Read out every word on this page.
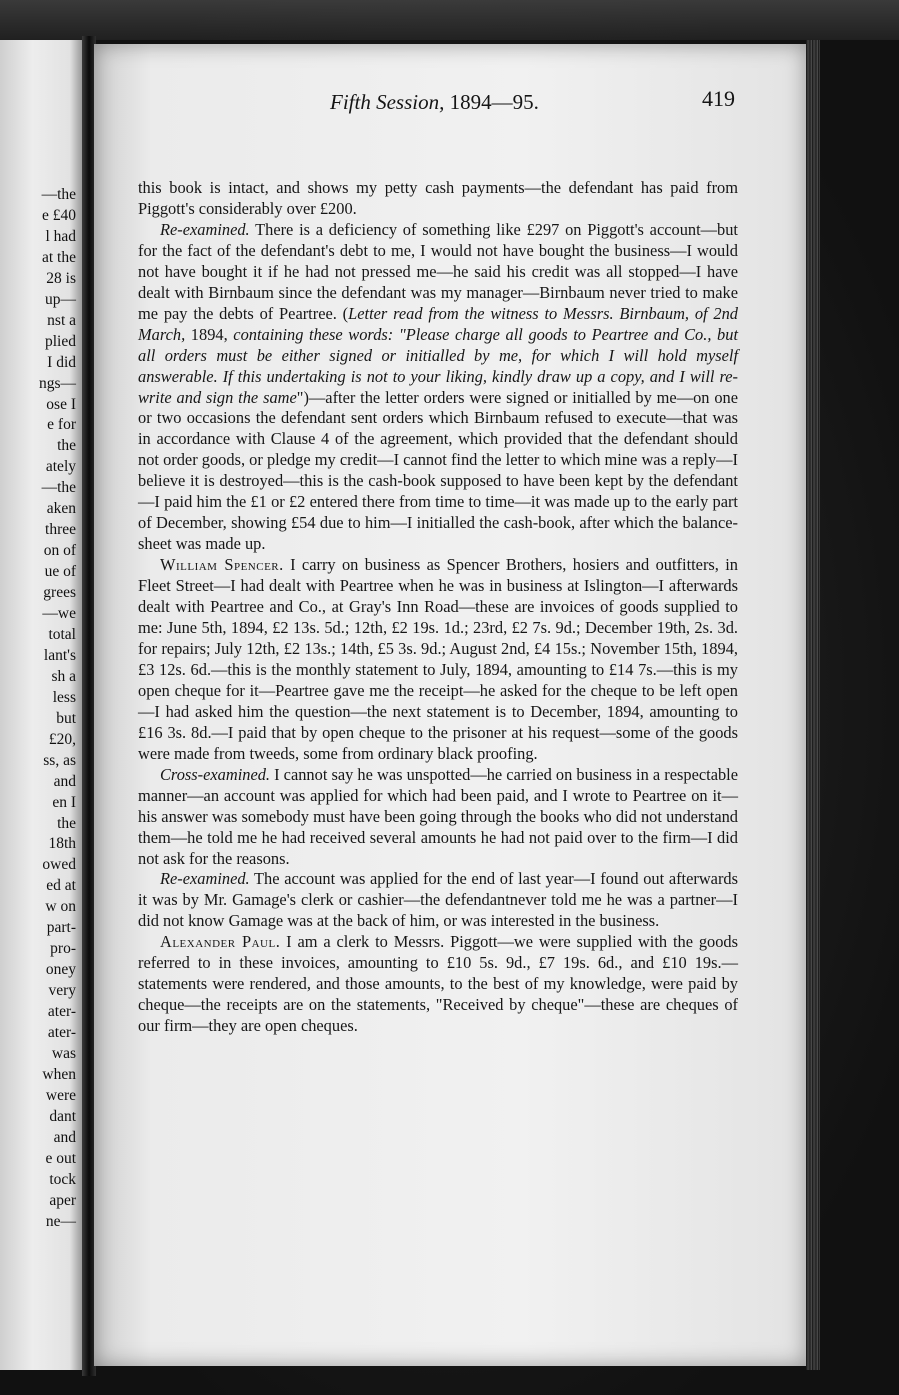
—the
e £40
l had
at the
28 is
up—
nst a
plied
I did
ngs—
ose I
e for
the
ately
—the
aken
three
on of
ue of
grees
—we
total
lant's
sh a
less
but
£20,
ss, as
and
en I
the
18th
owed
ed at
w on
part-
pro-
oney
very
ater-
ater-
was
when
were
dant
and
e out
tock
aper
ne—
Fifth Session, 1894—95.	419

this book is intact, and shows my petty cash payments—the defendant has paid from Piggott's considerably over £200.

Re-examined. There is a deficiency of something like £297 on Piggott's account—but for the fact of the defendant's debt to me, I would not have bought the business—I would not have bought it if he had not pressed me—he said his credit was all stopped—I have dealt with Birnbaum since the defendant was my manager—Birnbaum never tried to make me pay the debts of Peartree. (Letter read from the witness to Messrs. Birnbaum, of 2nd March, 1894, containing these words: "Please charge all goods to Peartree and Co., but all orders must be either signed or initialled by me, for which I will hold myself answerable. If this undertaking is not to your liking, kindly draw up a copy, and I will re-write and sign the same")—after the letter orders were signed or initialled by me—on one or two occasions the defendant sent orders which Birnbaum refused to execute—that was in accordance with Clause 4 of the agreement, which provided that the defendant should not order goods, or pledge my credit—I cannot find the letter to which mine was a reply—I believe it is destroyed—this is the cash-book supposed to have been kept by the defendant—I paid him the £1 or £2 entered there from time to time—it was made up to the early part of December, showing £54 due to him—I initialled the cash-book, after which the balance-sheet was made up.

William Spencer. I carry on business as Spencer Brothers, hosiers and outfitters, in Fleet Street—I had dealt with Peartree when he was in business at Islington—I afterwards dealt with Peartree and Co., at Gray's Inn Road—these are invoices of goods supplied to me: June 5th, 1894, £2 13s. 5d.; 12th, £2 19s. 1d.; 23rd, £2 7s. 9d.; December 19th, 2s. 3d. for repairs; July 12th, £2 13s.; 14th, £5 3s. 9d.; August 2nd, £4 15s.; November 15th, 1894, £3 12s. 6d.—this is the monthly statement to July, 1894, amounting to £14 7s.—this is my open cheque for it—Peartree gave me the receipt—he asked for the cheque to be left open—I had asked him the question—the next statement is to December, 1894, amounting to £16 3s. 8d.—I paid that by open cheque to the prisoner at his request—some of the goods were made from tweeds, some from ordinary black proofing.

Cross-examined. I cannot say he was unspotted—he carried on business in a respectable manner—an account was applied for which had been paid, and I wrote to Peartree on it—his answer was somebody must have been going through the books who did not understand them—he told me he had received several amounts he had not paid over to the firm—I did not ask for the reasons.

Re-examined. The account was applied for the end of last year—I found out afterwards it was by Mr. Gamage's clerk or cashier—the defendantnever told me he was a partner—I did not know Gamage was at the back of him, or was interested in the business.

Alexander Paul. I am a clerk to Messrs. Piggott—we were supplied with the goods referred to in these invoices, amounting to £10 5s. 9d., £7 19s. 6d., and £10 19s.—statements were rendered, and those amounts, to the best of my knowledge, were paid by cheque—the receipts are on the statements, "Received by cheque"—these are cheques of our firm—they are open cheques.
